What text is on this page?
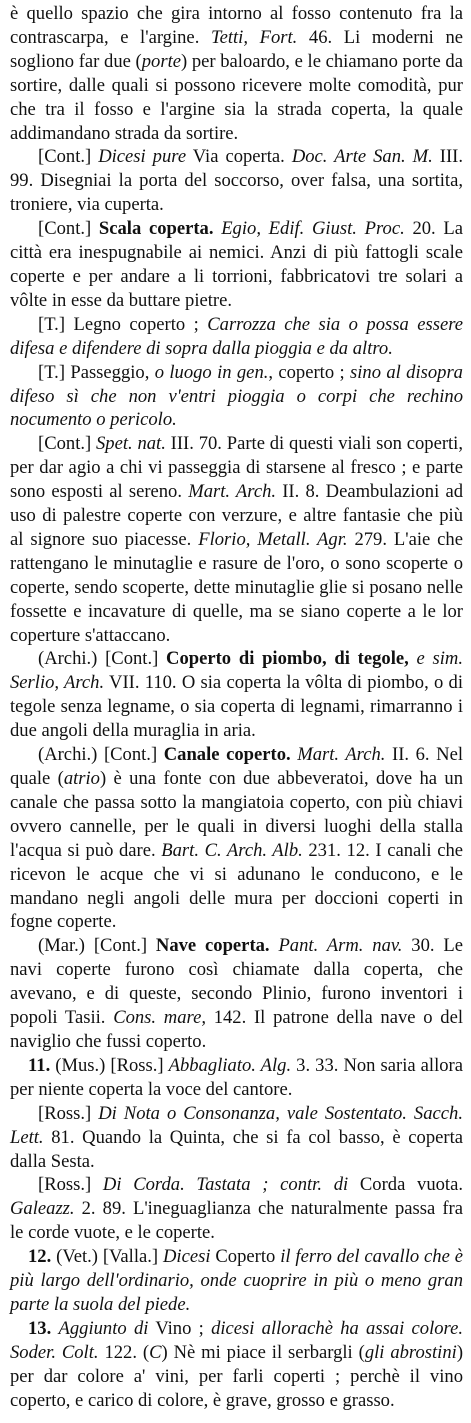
è quello spazio che gira intorno al fosso contenuto fra la contrascarpa, e l'argine. Tetti, Fort. 46. Li moderni ne sogliono far due (porte) per baloardo, e le chiamano porte da sortire, dalle quali si possono ricevere molte comodità, pur che tra il fosso e l'argine sia la strada coperta, la quale addimandano strada da sortire.

[Cont.] Dicesi pure Via coperta. Doc. Arte San. M. III. 99. Disegniai la porta del soccorso, over falsa, una sortita, troniere, via cuperta.

[Cont.] Scala coperta. Egio, Edif. Giust. Proc. 20. La città era inespugnabile ai nemici. Anzi di più fattogli scale coperte e per andare a li torrioni, fabbricatovi tre solari a vôlte in esse da buttare pietre.

[T.] Legno coperto ; Carrozza che sia o possa essere difesa e difendere di sopra dalla pioggia e da altro.

[T.] Passeggio, o luogo in gen., coperto ; sino al disopra difeso sì che non v'entri pioggia o corpi che rechino nocumento o pericolo.

[Cont.] Spet. nat. III. 70. Parte di questi viali son coperti, per dar agio a chi vi passeggia di starsene al fresco ; e parte sono esposti al sereno. Mart. Arch. II. 8. Deambulazioni ad uso di palestre coperte con verzure, e altre fantasie che più al signore suo piacesse. Florio, Metall. Agr. 279. L'aie che rattengano le minutaglie e rasure de l'oro, o sono scoperte o coperte, sendo scoperte, dette minutaglie glie si posano nelle fossette e incavature di quelle, ma se siano coperte a le lor coperture s'attaccano.

(Archi.) [Cont.] Coperto di piombo, di tegole, e sim. Serlio, Arch. VII. 110. O sia coperta la vôlta di piombo, o di tegole senza legname, o sia coperta di legnami, rimarranno i due angoli della muraglia in aria.

(Archi.) [Cont.] Canale coperto. Mart. Arch. II. 6. Nel quale (atrio) è una fonte con due abbeveratoi, dove ha un canale che passa sotto la mangiatoia coperto, con più chiavi ovvero cannelle, per le quali in diversi luoghi della stalla l'acqua si può dare. Bart. C. Arch. Alb. 231. 12. I canali che ricevon le acque che vi si adunano le conducono, e le mandano negli angoli delle mura per doccioni coperti in fogne coperte.

(Mar.) [Cont.] Nave coperta. Pant. Arm. nav. 30. Le navi coperte furono così chiamate dalla coperta, che avevano, e di queste, secondo Plinio, furono inventori i popoli Tasii. Cons. mare, 142. Il patrone della nave o del naviglio che fussi coperto.

11. (Mus.) [Ross.] Abbagliato. Alg. 3. 33. Non saria allora per niente coperta la voce del cantore.

[Ross.] Di Nota o Consonanza, vale Sostentato. Sacch. Lett. 81. Quando la Quinta, che si fa col basso, è coperta dalla Sesta.

[Ross.] Di Corda. Tastata ; contr. di Corda vuota. Galeazz. 2. 89. L'ineguaglianza che naturalmente passa fra le corde vuote, e le coperte.

12. (Vet.) [Valla.] Dicesi Coperto il ferro del cavallo che è più largo dell'ordinario, onde cuoprire in più o meno gran parte la suola del piede.

13. Aggiunto di Vino ; dicesi allorachè ha assai colore. Soder. Colt. 122. (C) Nè mi piace il serbargli (gli abrostini) per dar colore a' vini, per farli coperti ; perchè il vino coperto, e carico di colore, è grave, grosso e grasso.
